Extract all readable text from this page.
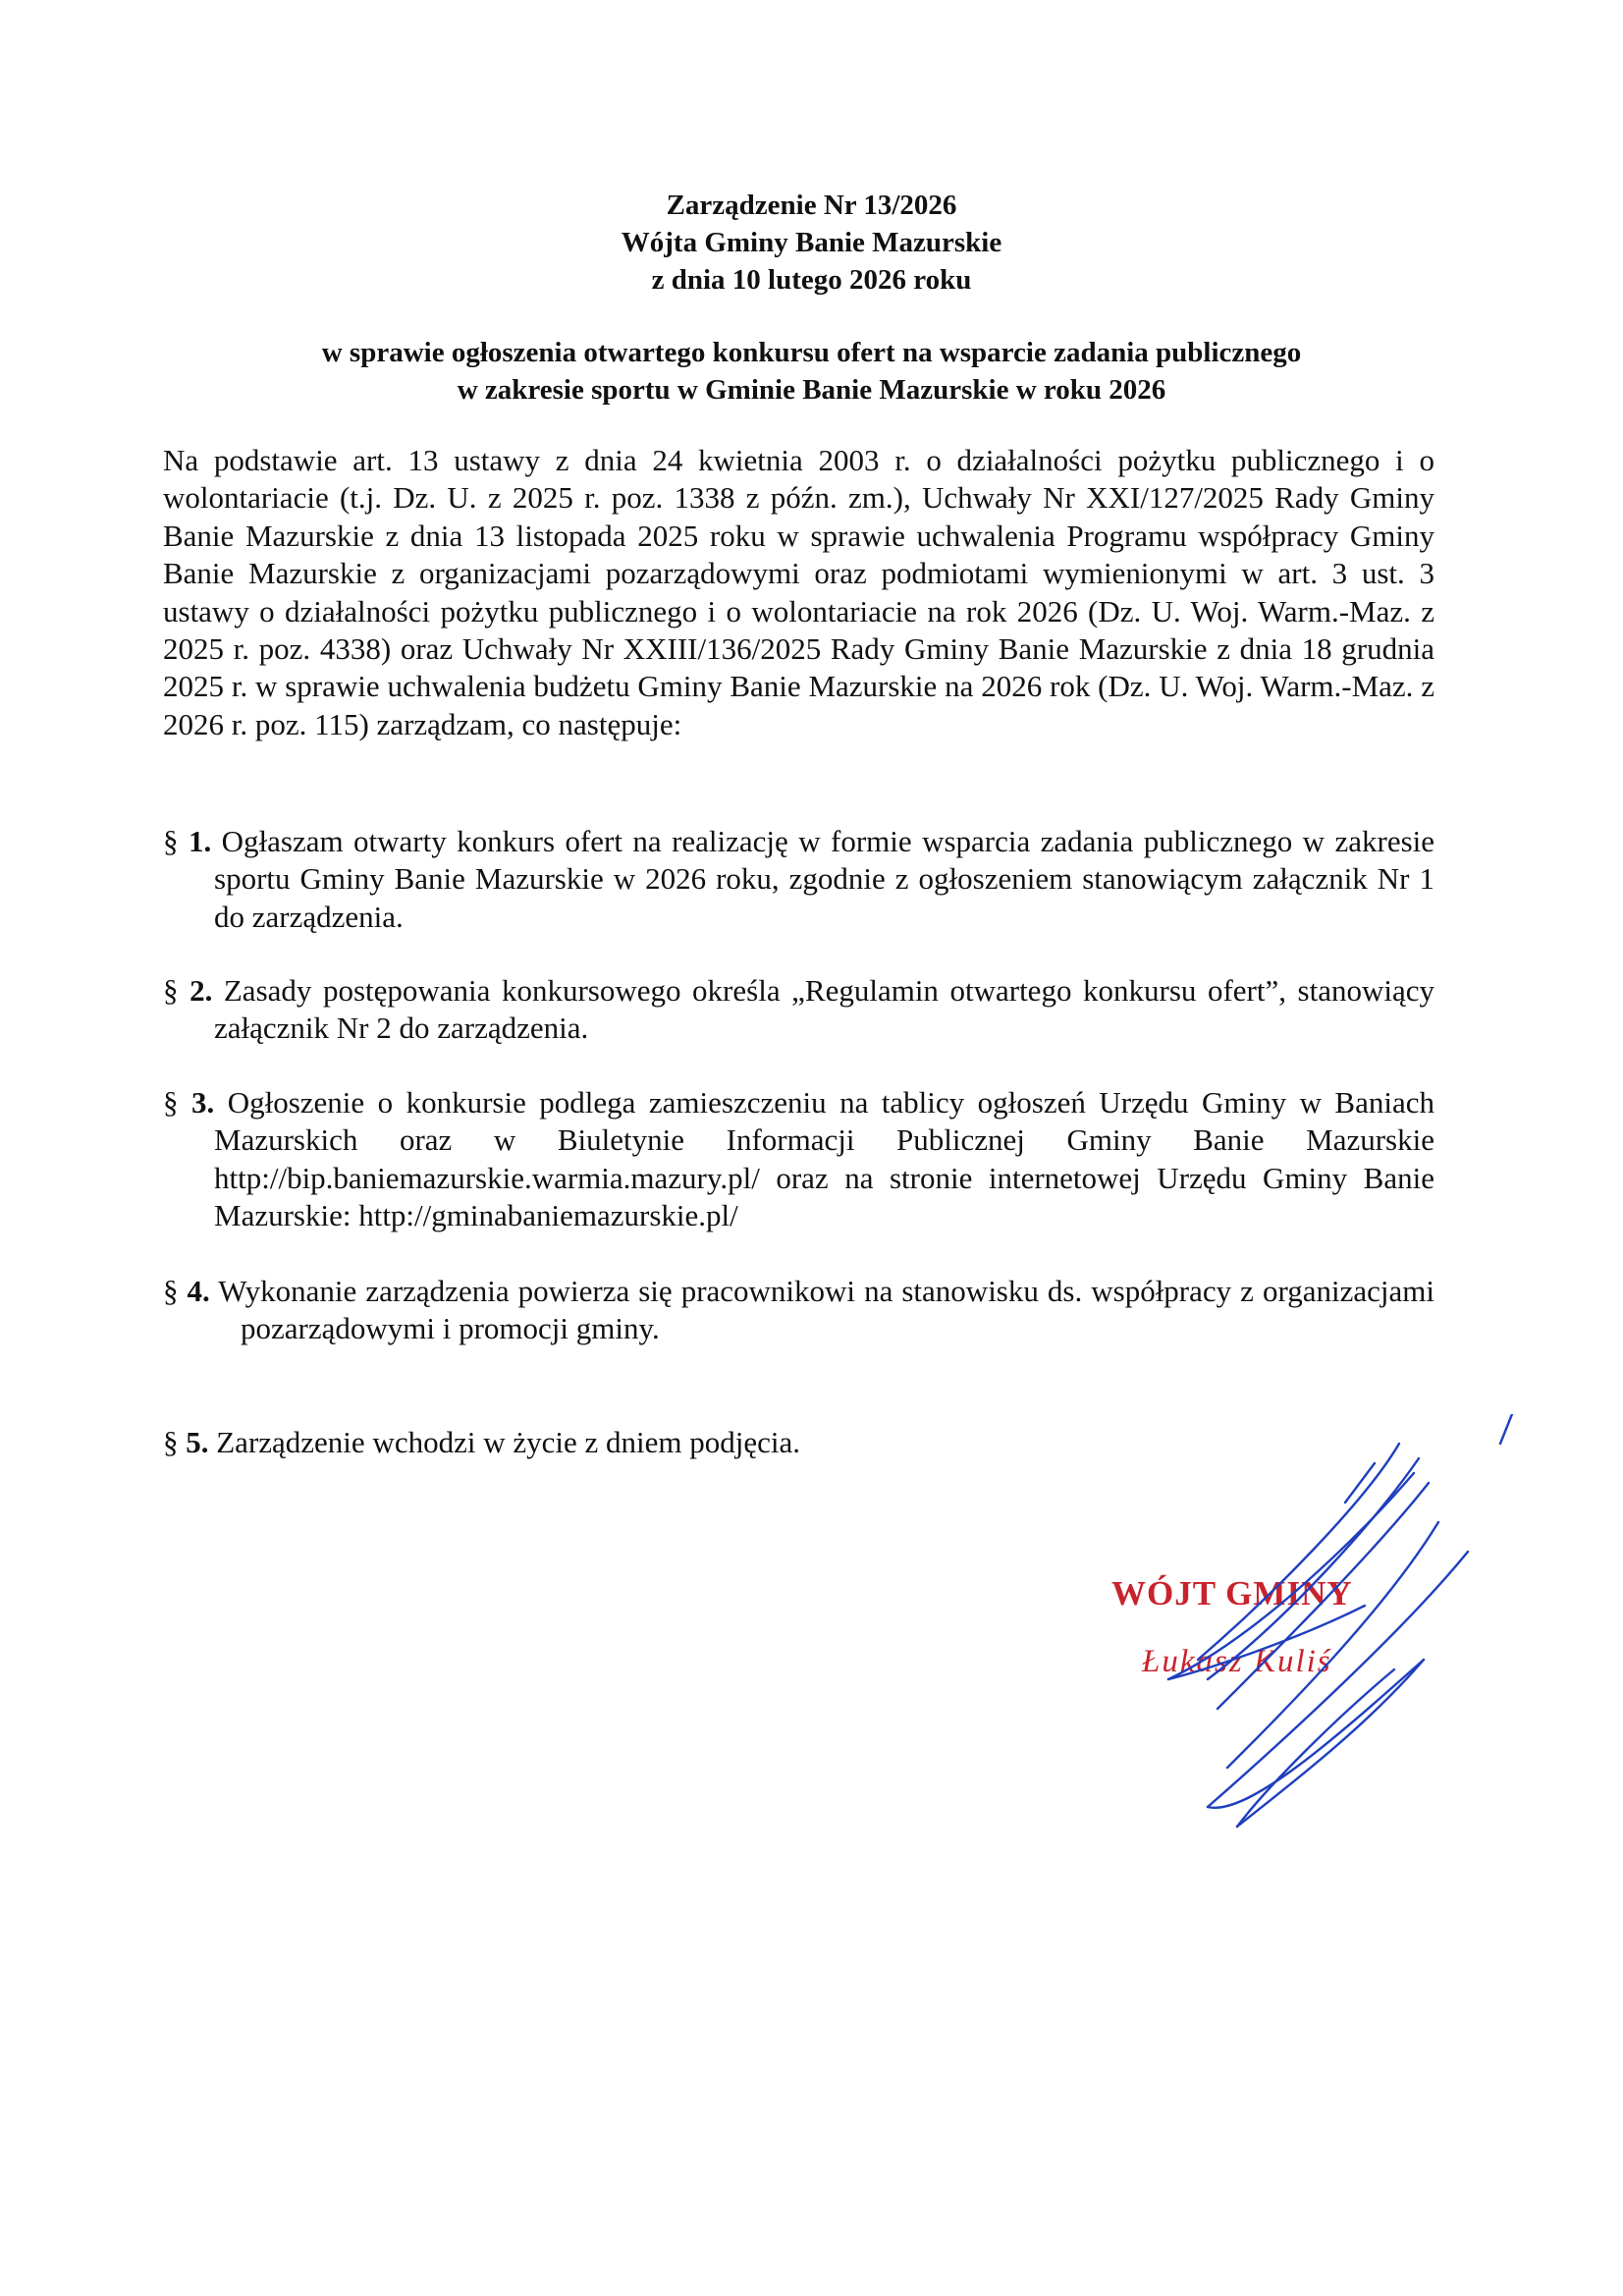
Zarządzenie Nr 13/2026
Wójta Gminy Banie Mazurskie
z dnia 10 lutego 2026 roku
w sprawie ogłoszenia otwartego konkursu ofert na wsparcie zadania publicznego
w zakresie sportu w Gminie Banie Mazurskie w roku 2026
Na podstawie art. 13 ustawy z dnia 24 kwietnia 2003 r. o działalności pożytku publicznego i o wolontariacie (t.j. Dz. U. z 2025 r. poz. 1338 z późn. zm.), Uchwały Nr XXI/127/2025 Rady Gminy Banie Mazurskie z dnia 13 listopada 2025 roku w sprawie uchwalenia Programu współpracy Gminy Banie Mazurskie z organizacjami pozarządowymi oraz podmiotami wymienionymi w art. 3 ust. 3 ustawy o działalności pożytku publicznego i o wolontariacie na rok 2026 (Dz. U. Woj. Warm.-Maz. z 2025 r. poz. 4338) oraz Uchwały Nr XXIII/136/2025 Rady Gminy Banie Mazurskie z dnia 18 grudnia 2025 r. w sprawie uchwalenia budżetu Gminy Banie Mazurskie na 2026 rok (Dz. U. Woj. Warm.-Maz. z 2026 r. poz. 115) zarządzam, co następuje:
§ 1. Ogłaszam otwarty konkurs ofert na realizację w formie wsparcia zadania publicznego w zakresie sportu Gminy Banie Mazurskie w 2026 roku, zgodnie z ogłoszeniem stanowiącym załącznik Nr 1 do zarządzenia.
§ 2. Zasady postępowania konkursowego określa „Regulamin otwartego konkursu ofert”, stanowiący załącznik Nr 2 do zarządzenia.
§ 3. Ogłoszenie o konkursie podlega zamieszczeniu na tablicy ogłoszeń Urzędu Gminy w Baniach Mazurskich oraz w Biuletynie Informacji Publicznej Gminy Banie Mazurskie http://bip.baniemazurskie.warmia.mazury.pl/ oraz na stronie internetowej Urzędu Gminy Banie Mazurskie: http://gminabaniemazurskie.pl/
§ 4. Wykonanie zarządzenia powierza się pracownikowi na stanowisku ds. współpracy z organizacjami pozarządowymi i promocji gminy.
§ 5. Zarządzenie wchodzi w życie z dniem podjęcia.
WÓJT GMINY
Łukasz Kuliś
